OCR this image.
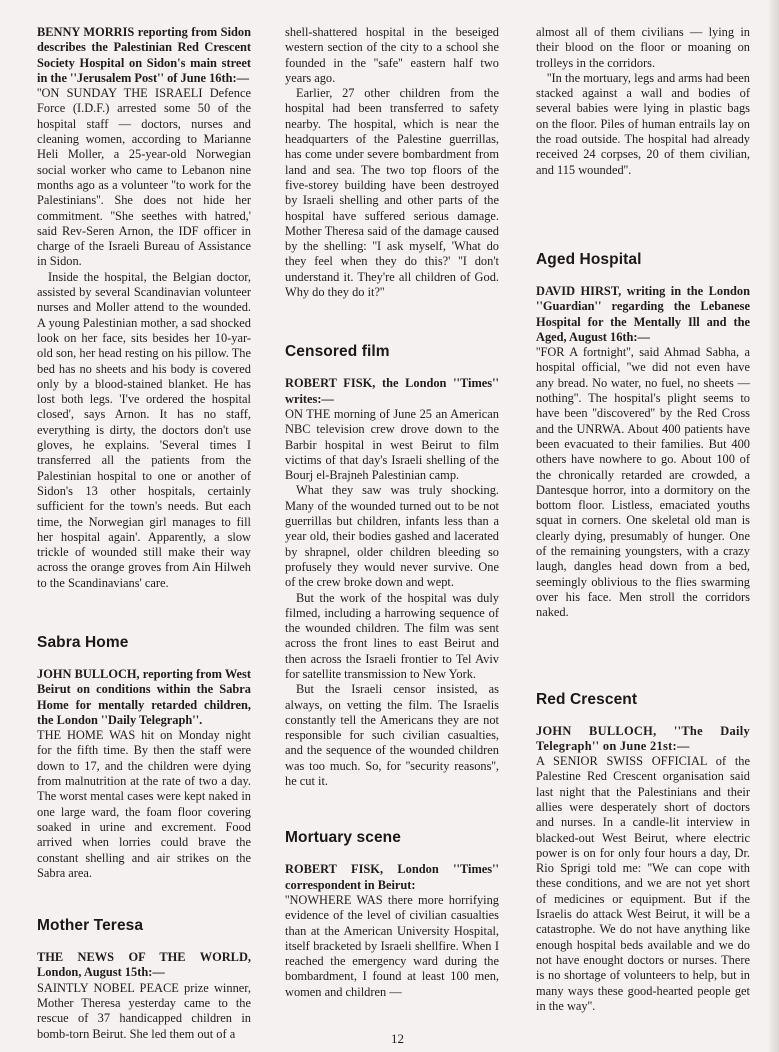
BENNY MORRIS reporting from Sidon describes the Palestinian Red Crescent Society Hospital on Sidon's main street in the ''Jerusalem Post'' of June 16th:—

''ON SUNDAY THE ISRAELI Defence Force (I.D.F.) arrested some 50 of the hospital staff — doctors, nurses and cleaning women, according to Marianne Heli Moller, a 25-year-old Norwegian social worker who came to Lebanon nine months ago as a volunteer ''to work for the Palestinians''. She does not hide her commitment. ''She seethes with hatred,' said Rev-Seren Arnon, the IDF officer in charge of the Israeli Bureau of Assistance in Sidon.

Inside the hospital, the Belgian doctor, assisted by several Scandinavian volunteer nurses and Moller attend to the wounded. A young Palestinian mother, a sad shocked look on her face, sits besides her 10-yar-old son, her head resting on his pillow. The bed has no sheets and his body is covered only by a blood-stained blanket. He has lost both legs. 'I've ordered the hospital closed', says Arnon. It has no staff, everything is dirty, the doctors don't use gloves, he explains. 'Several times I transferred all the patients from the Palestinian hospital to one or another of Sidon's 13 other hospitals, certainly sufficient for the town's needs. But each time, the Norwegian girl manages to fill her hospital again'. Apparently, a slow trickle of wounded still make their way across the orange groves from Ain Hilweh to the Scandinavians' care.

Sabra Home

JOHN BULLOCH, reporting from West Beirut on conditions within the Sabra Home for mentally retarded children, the London ''Daily Telegraph''.

THE HOME WAS hit on Monday night for the fifth time. By then the staff were down to 17, and the children were dying from malnutrition at the rate of two a day. The worst mental cases were kept naked in one large ward, the foam floor covering soaked in urine and excrement. Food arrived when lorries could brave the constant shelling and air strikes on the Sabra area.

Mother Teresa

THE NEWS OF THE WORLD, London, August 15th:—

SAINTLY NOBEL PEACE prize winner, Mother Theresa yesterday came to the rescue of 37 handicapped children in bomb-torn Beirut. She led them out of a

shell-shattered hospital in the beseiged western section of the city to a school she founded in the ''safe'' eastern half two years ago.

Earlier, 27 other children from the hospital had been transferred to safety nearby. The hospital, which is near the headquarters of the Palestine guerrillas, has come under severe bombardment from land and sea. The two top floors of the five-storey building have been destroyed by Israeli shelling and other parts of the hospital have suffered serious damage. Mother Theresa said of the damage caused by the shelling: ''I ask myself, 'What do they feel when they do this?' ''I don't understand it. They're all children of God. Why do they do it?''

Censored film

ROBERT FISK, the London ''Times'' writes:—

ON THE morning of June 25 an American NBC television crew drove down to the Barbir hospital in west Beirut to film victims of that day's Israeli shelling of the Bourj el-Brajneh Palestinian camp.

What they saw was truly shocking. Many of the wounded turned out to be not guerrillas but children, infants less than a year old, their bodies gashed and lacerated by shrapnel, older children bleeding so profusely they would never survive. One of the crew broke down and wept.

But the work of the hospital was duly filmed, including a harrowing sequence of the wounded children. The film was sent across the front lines to east Beirut and then across the Israeli frontier to Tel Aviv for satellite transmission to New York.

But the Israeli censor insisted, as always, on vetting the film. The Israelis constantly tell the Americans they are not responsible for such civilian casualties, and the sequence of the wounded children was too much. So, for ''security reasons'', he cut it.

Mortuary scene

ROBERT FISK, London ''Times'' correspondent in Beirut:

''NOWHERE WAS there more horrifying evidence of the level of civilian casualties than at the American University Hospital, itself bracketed by Israeli shellfire. When I reached the emergency ward during the bombardment, I found at least 100 men, women and children —

almost all of them civilians — lying in their blood on the floor or moaning on trolleys in the corridors.

''In the mortuary, legs and arms had been stacked against a wall and bodies of several babies were lying in plastic bags on the floor. Piles of human entrails lay on the road outside. The hospital had already received 24 corpses, 20 of them civilian, and 115 wounded''.

Aged Hospital

DAVID HIRST, writing in the London ''Guardian'' regarding the Lebanese Hospital for the Mentally Ill and the Aged, August 16th:—

''FOR A fortnight'', said Ahmad Sabha, a hospital official, ''we did not even have any bread. No water, no fuel, no sheets — nothing''. The hospital's plight seems to have been ''discovered'' by the Red Cross and the UNRWA. About 400 patients have been evacuated to their families. But 400 others have nowhere to go. About 100 of the chronically retarded are crowded, a Dantesque horror, into a dormitory on the bottom floor. Listless, emaciated youths squat in corners. One skeletal old man is clearly dying, presumably of hunger. One of the remaining youngsters, with a crazy laugh, dangles head down from a bed, seemingly oblivious to the flies swarming over his face. Men stroll the corridors naked.

Red Crescent

JOHN BULLOCH, ''The Daily Telegraph'' on June 21st:—

A SENIOR SWISS OFFICIAL of the Palestine Red Crescent organisation said last night that the Palestinians and their allies were desperately short of doctors and nurses. In a candle-lit interview in blacked-out West Beirut, where electric power is on for only four hours a day, Dr. Rio Sprigi told me: ''We can cope with these conditions, and we are not yet short of medicines or equipment. But if the Israelis do attack West Beirut, it will be a catastrophe. We do not have anything like enough hospital beds available and we do not have enought doctors or nurses. There is no shortage of volunteers to help, but in many ways these good-hearted people get in the way''.

12
